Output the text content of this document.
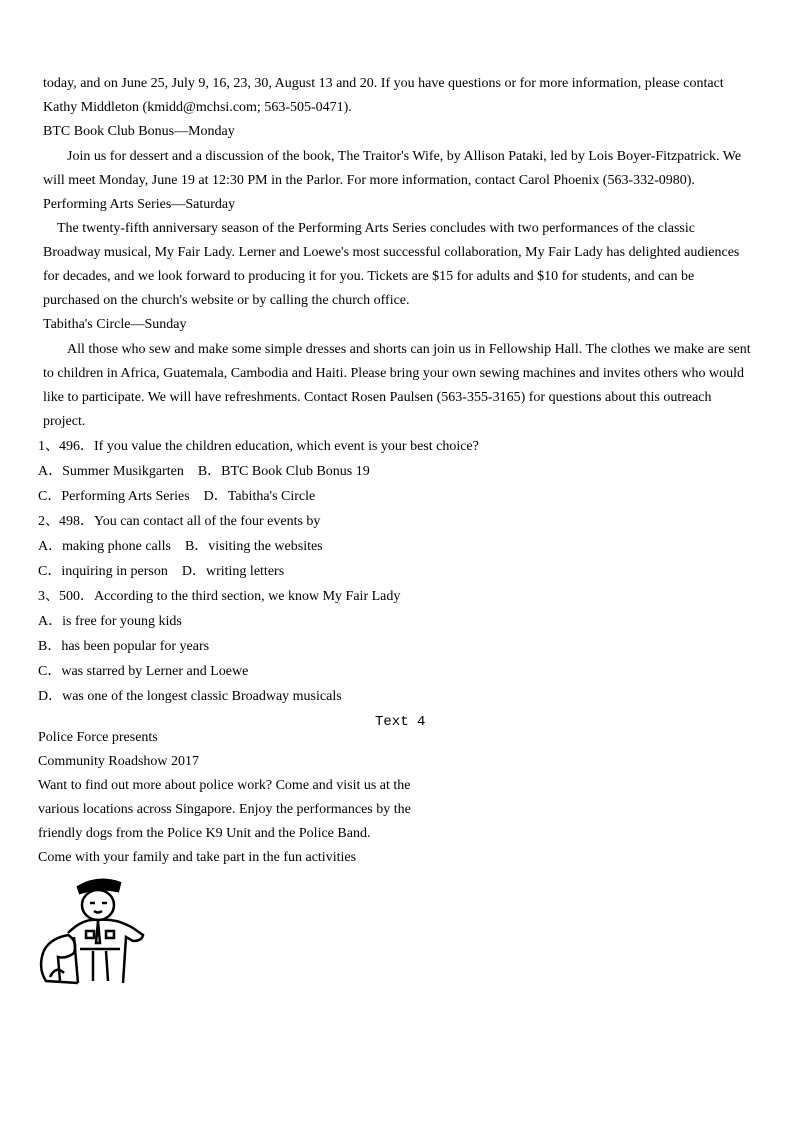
today, and on June 25, July 9, 16, 23, 30, August 13 and 20. If you have questions or for more information, please contact
Kathy Middleton (kmidd@mchsi.com; 563-505-0471).
BTC Book Club Bonus—Monday
Join us for dessert and a discussion of the book, The Traitor's Wife, by Allison Pataki, led by Lois Boyer-Fitzpatrick. We
will meet Monday, June 19 at 12:30 PM in the Parlor. For more information, contact Carol Phoenix (563-332-0980).
Performing Arts Series—Saturday
The twenty-fifth anniversary season of the Performing Arts Series concludes with two performances of the classic
Broadway musical, My Fair Lady. Lerner and Loewe's most successful collaboration, My Fair Lady has delighted audiences
for decades, and we look forward to producing it for you. Tickets are $15 for adults and $10 for students, and can be
purchased on the church's website or by calling the church office.
Tabitha's Circle—Sunday
All those who sew and make some simple dresses and shorts can join us in Fellowship Hall. The clothes we make are sent
to children in Africa, Guatemala, Cambodia and Haiti. Please bring your own sewing machines and invites others who would
like to participate. We will have refreshments. Contact Rosen Paulsen (563-355-3165) for questions about this outreach
project.
1、496．If you value the children education, which event is your best choice?
A．Summer Musikgarten　B．BTC Book Club Bonus 19
C．Performing Arts Series　D．Tabitha's Circle
2、498．You can contact all of the four events by
A．making phone calls　B．visiting the websites
C．inquiring in person　D．writing letters
3、500．According to the third section, we know My Fair Lady
A．is free for young kids
B．has been popular for years
C．was starred by Lerner and Loewe
D．was one of the longest classic Broadway musicals
Text 4
Police Force presents
Community Roadshow 2017
Want to find out more about police work? Come and visit us at the
various locations across Singapore. Enjoy the performances by the
friendly dogs from the Police K9 Unit and the Police Band.
Come with your family and take part in the fun activities
